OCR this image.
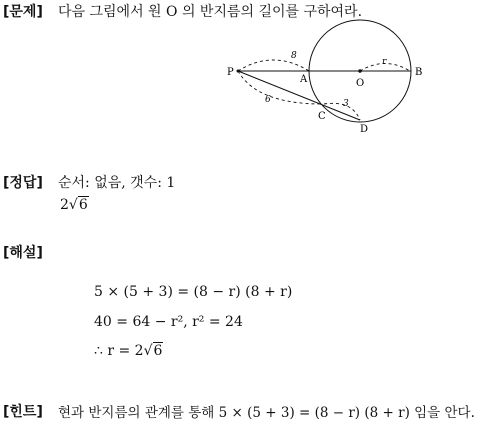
[문제] 다음 그림에서 원 O 의 반지름의 길이를 구하여라.
P
A	O
B
C
D
8
6	3
r
[정답] 순서: 없음, 갯수: 1
2√6
[해설]
5 × (5 + 3) = (8 − r) (8 + r)
40 = 64 − r², r² = 24
∴ r = 2√6
[힌트] 현과 반지름의 관계를 통해 5 × (5 + 3) = (8 − r) (8 + r) 임을 안다.
